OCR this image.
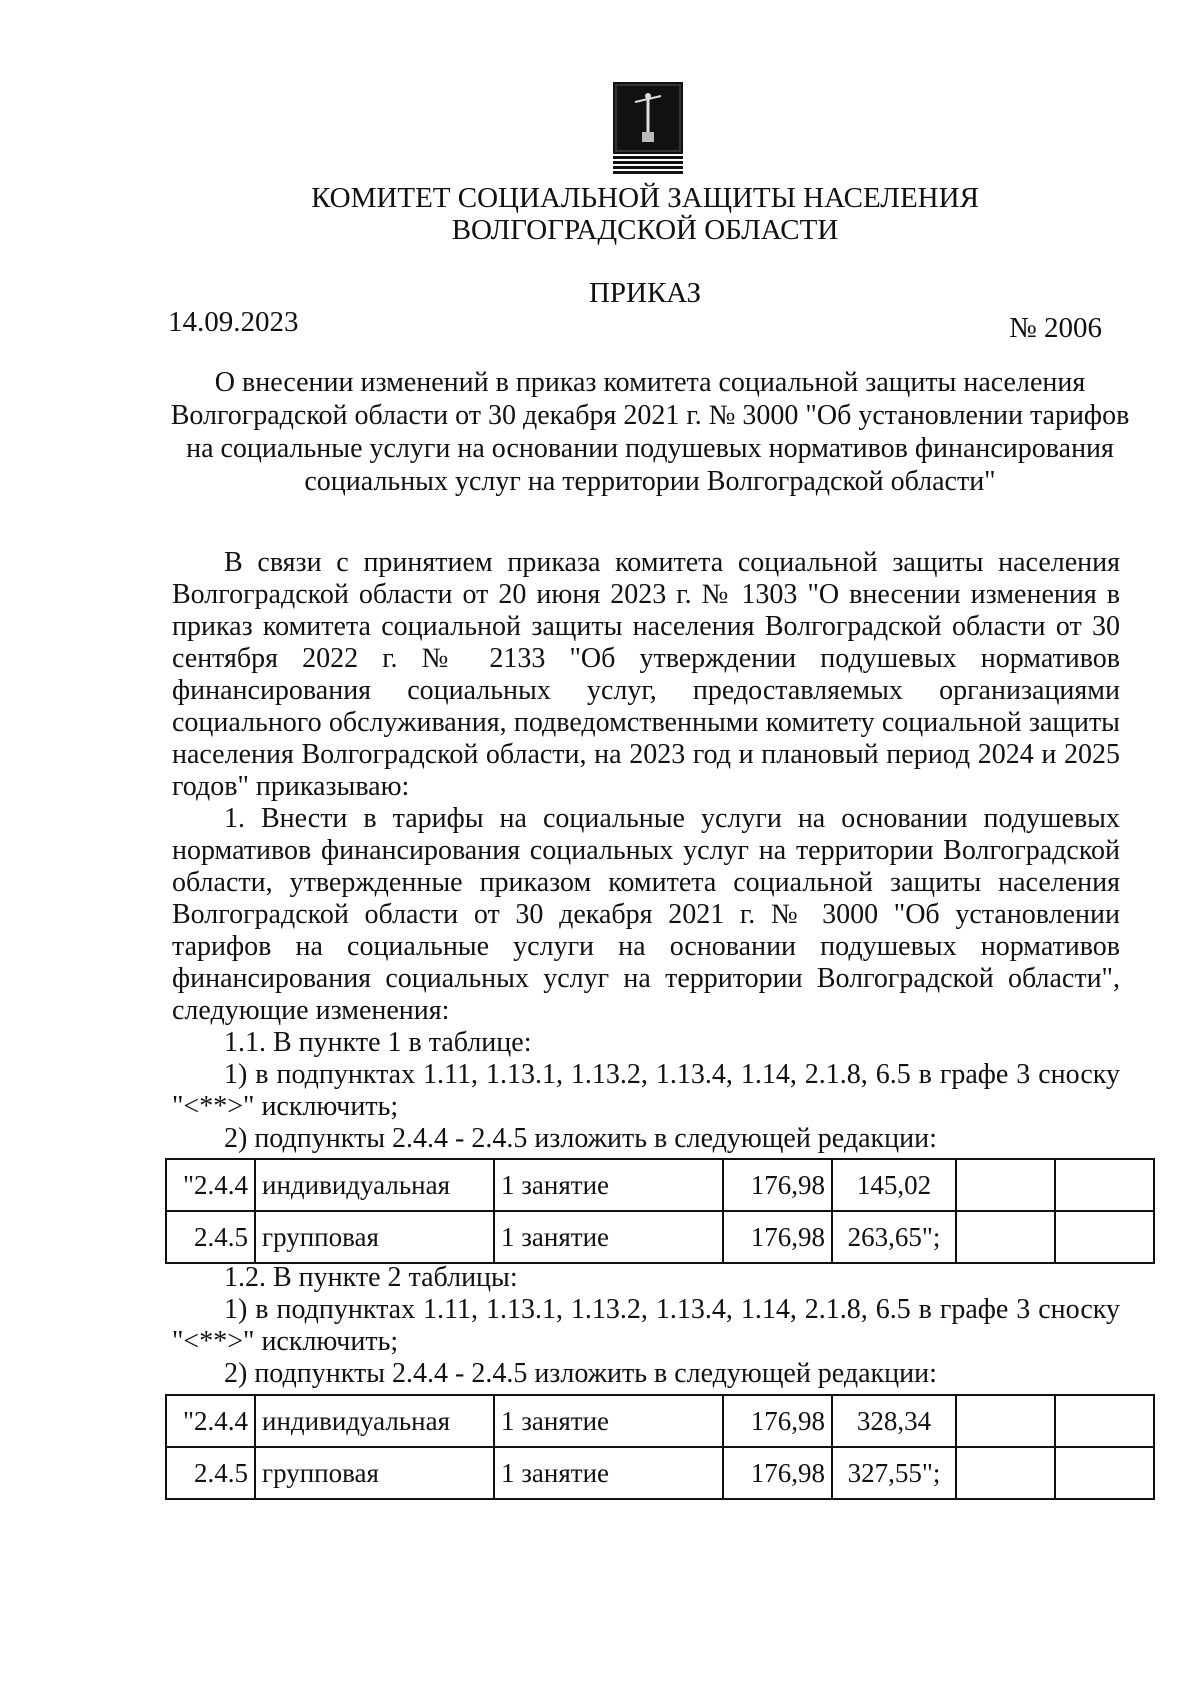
КОМИТЕТ СОЦИАЛЬНОЙ ЗАЩИТЫ НАСЕЛЕНИЯ
ВОЛГОГРАДСКОЙ ОБЛАСТИ
ПРИКАЗ
14.09.2023	№ 2006
О внесении изменений в приказ комитета социальной защиты населения Волгоградской области от 30 декабря 2021 г. № 3000 "Об установлении тарифов на социальные услуги на основании подушевых нормативов финансирования социальных услуг на территории Волгоградской области"
В связи с принятием приказа комитета социальной защиты населения Волгоградской области от 20 июня 2023 г. № 1303 "О внесении изменения в приказ комитета социальной защиты населения Волгоградской области от 30 сентября 2022 г. № 2133 "Об утверждении подушевых нормативов финансирования социальных услуг, предоставляемых организациями социального обслуживания, подведомственными комитету социальной защиты населения Волгоградской области, на 2023 год и плановый период 2024 и 2025 годов" приказываю:
1. Внести в тарифы на социальные услуги на основании подушевых нормативов финансирования социальных услуг на территории Волгоградской области, утвержденные приказом комитета социальной защиты населения Волгоградской области от 30 декабря 2021 г. № 3000 "Об установлении тарифов на социальные услуги на основании подушевых нормативов финансирования социальных услуг на территории Волгоградской области", следующие изменения:
1.1. В пункте 1 в таблице:
1) в подпунктах 1.11, 1.13.1, 1.13.2, 1.13.4, 1.14, 2.1.8, 6.5 в графе 3 сноску "<**>" исключить;
2) подпункты 2.4.4 - 2.4.5 изложить в следующей редакции:
"2.4.4	индивидуальная	1 занятие	176,98	145,02		
2.4.5	групповая	1 занятие	176,98	263,65";		
1.2. В пункте 2 таблицы:
1) в подпунктах 1.11, 1.13.1, 1.13.2, 1.13.4, 1.14, 2.1.8, 6.5 в графе 3 сноску "<**>" исключить;
2) подпункты 2.4.4 - 2.4.5 изложить в следующей редакции:
"2.4.4	индивидуальная	1 занятие	176,98	328,34		
2.4.5	групповая	1 занятие	176,98	327,55";		
